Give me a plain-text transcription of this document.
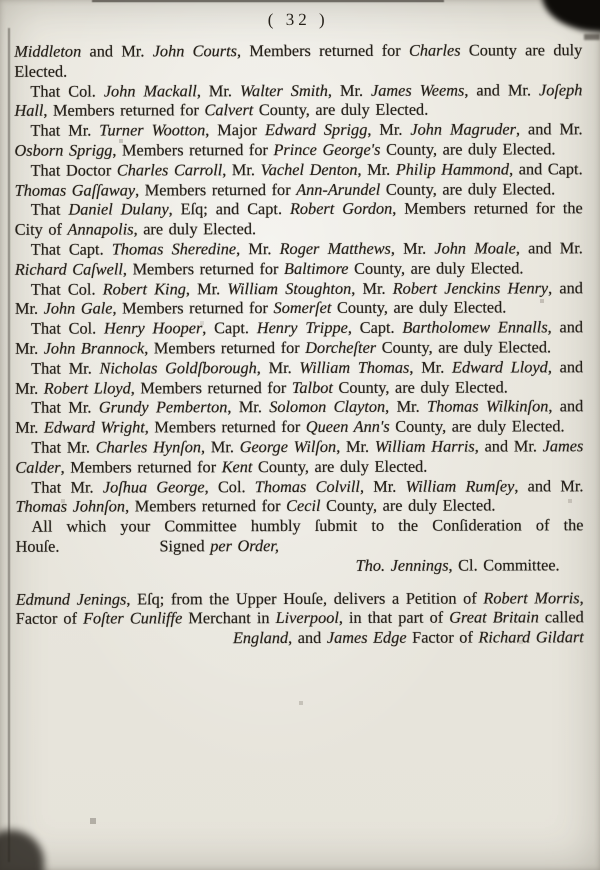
( 32 )

Middleton and Mr. John Courts, Members returned for Charles County are duly Elected.

That Col. John Mackall, Mr. Walter Smith, Mr. James Weems, and Mr. Joſeph Hall, Members returned for Calvert County, are duly Elected.

That Mr. Turner Wootton, Major Edward Sprigg, Mr. John Magruder, and Mr. Osborn Sprigg, Members returned for Prince George's County, are duly Elected.

That Doctor Charles Carroll, Mr. Vachel Denton, Mr. Philip Hammond, and Capt. Thomas Gaſſaway, Members returned for Ann-Arundel County, are duly Elected.

That Daniel Dulany, Eſq; and Capt. Robert Gordon, Members returned for the City of Annapolis, are duly Elected.

That Capt. Thomas Sheredine, Mr. Roger Matthews, Mr. John Moale, and Mr. Richard Caſwell, Members returned for Baltimore County, are duly Elected.

That Col. Robert King, Mr. William Stoughton, Mr. Robert Jenckins Henry, and Mr. John Gale, Members returned for Somerſet County, are duly Elected.

That Col. Henry Hooper, Capt. Henry Trippe, Capt. Bartholomew Ennalls, and Mr. John Brannock, Members returned for Dorcheſter County, are duly Elected.

That Mr. Nicholas Goldſborough, Mr. William Thomas, Mr. Edward Lloyd, and Mr. Robert Lloyd, Members returned for Talbot County, are duly Elected.

That Mr. Grundy Pemberton, Mr. Solomon Clayton, Mr. Thomas Wilkinſon, and Mr. Edward Wright, Members returned for Queen Ann's County, are duly Elected.

That Mr. Charles Hynſon, Mr. George Wilſon, Mr. William Harris, and Mr. James Calder, Members returned for Kent County, are duly Elected.

That Mr. Joſhua George, Col. Thomas Colvill, Mr. William Rumſey, and Mr. Thomas Johnſon, Members returned for Cecil County, are duly Elected.

All which your Committee humbly ſubmit to the Conſideration of the Houſe.	Signed per Order,

Tho. Jennings, Cl. Committee.

Edmund Jenings, Eſq; from the Upper Houſe, delivers a Petition of Robert Morris, Factor of Foſter Cunliffe Merchant in Liverpool, in that part of Great Britain called England, and James Edge Factor of Richard Gildart
